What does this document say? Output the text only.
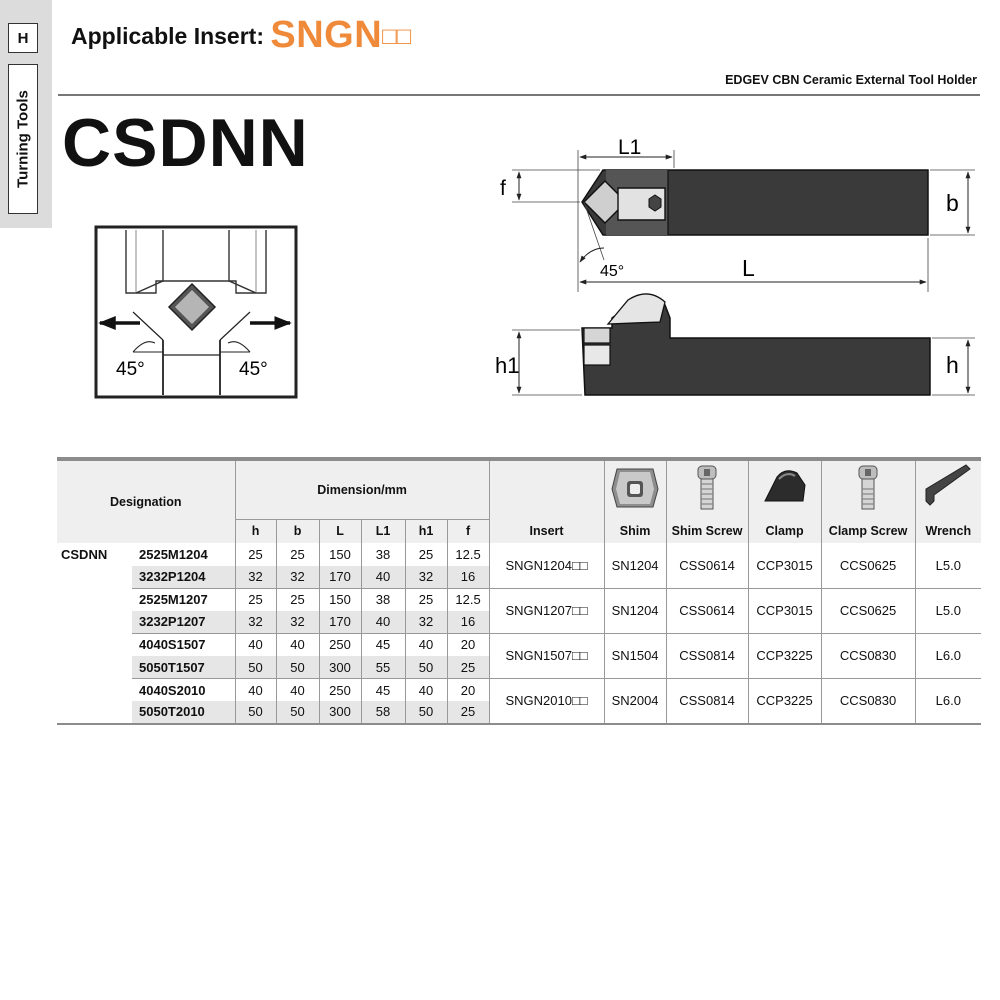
H
Turning Tools
Applicable Insert: SNGN□□
EDGEV CBN Ceramic External Tool Holder
CSDNN
45°	45°
L1
f
b
45°	L
h1	h
Designation		Dimension/mm		

		h	b	L	L1	h1	f	Insert	Shim	Shim Screw	Clamp	Clamp Screw	Wrench
CSDNN	2525M1204	25	25	150	38	25	12.5	SNGN1204□□	SN1204	CSS0614	CCP3015	CCS0625	L5.0
	3232P1204	32	32	170	40	32	16						
	2525M1207	25	25	150	38	25	12.5	SNGN1207□□	SN1204	CSS0614	CCP3015	CCS0625	L5.0
	3232P1207	32	32	170	40	32	16						
	4040S1507	40	40	250	45	40	20	SNGN1507□□	SN1504	CSS0814	CCP3225	CCS0830	L6.0
	5050T1507	50	50	300	55	50	25						
	4040S2010	40	40	250	45	40	20	SNGN2010□□	SN2004	CSS0814	CCP3225	CCS0830	L6.0
	5050T2010	50	50	300	58	50	25						
